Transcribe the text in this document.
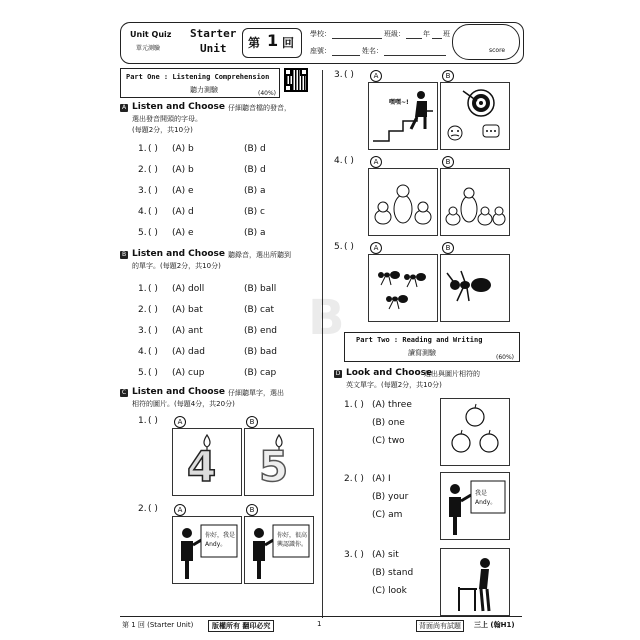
Unit Quiz
單元測驗
Starter
Unit 第 1 回
學校：	班級：	年 班
座號：	姓名：	score
Part One : Listening Comprehension
聽力測驗	(40%)
A Listen and Choose 仔細聽音檔的發音，
選出發音開頭的字母。
(每題2分，共10分)
1. ( ) (A) b	(B) d
2. ( ) (A) b	(B) d
3. ( ) (A) e	(B) a
4. ( ) (A) d	(B) c
5. ( ) (A) e	(B) a
B Listen and Choose 聽錄音，選出所聽到
的單字。(每題2分，共10分)
1. ( ) (A) doll	(B) ball
2. ( ) (A) bat	(B) cat
3. ( ) (A) ant	(B) end
4. ( ) (A) dad	(B) bad
5. ( ) (A) cup	(B) cap
C Listen and Choose 仔細聽單字，選出
相符的圖片。(每題4分，共20分)
1. ( )	A	B
4 5
2. ( )	A	B
你好，我是Andy。
你好，很高興認識你。
3. ( )	A	B
嘿嘿~!
4. ( )	A	B
5. ( )	A	B
Part Two : Reading and Writing
讀寫測驗
(60%)
D Look and Choose
選出與圖片相符的
英文單字。(每題2分，共10分)
1. ( ) (A) three
(B) one
(C) two
2. ( ) (A) I
(B) your
(C) am
我是Andy。
3. ( ) (A) sit
(B) stand
(C) look
B
第 1 回 (Starter Unit)	版權所有 翻印必究	1	背面尚有試題	三上 (翰H1)
